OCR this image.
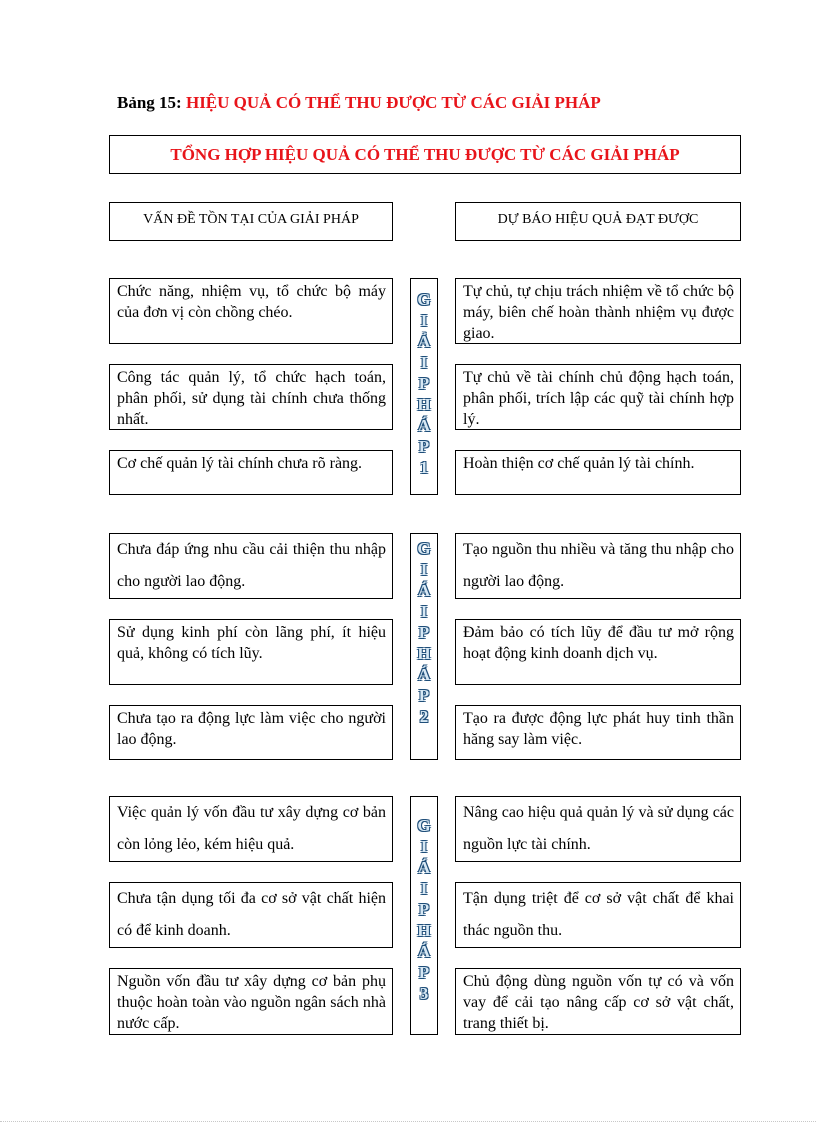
Bảng 15: HIỆU QUẢ CÓ THỂ THU ĐƯỢC TỪ CÁC GIẢI PHÁP
TỔNG HỢP HIỆU QUẢ CÓ THỂ THU ĐƯỢC TỪ CÁC GIẢI PHÁP
VẤN ĐỀ TỒN TẠI CỦA GIẢI PHÁP	DỰ BÁO HIỆU QUẢ ĐẠT ĐƯỢC
G
I
Ả
I
P
H
Á
P
1
Chức năng, nhiệm vụ, tổ chức bộ máy của đơn vị còn chồng chéo.
Tự chủ, tự chịu trách nhiệm về tổ chức bộ máy, biên chế hoàn thành nhiệm vụ được giao.
Công tác quản lý, tổ chức hạch toán, phân phối, sử dụng tài chính chưa thống nhất.
Tự chủ về tài chính chủ động hạch toán, phân phối, trích lập các quỹ tài chính hợp lý.
Cơ chế quản lý tài chính chưa rõ ràng.	Hoàn thiện cơ chế quản lý tài chính.
G
I
Á
I
P
H
Á
P
2
Chưa đáp ứng nhu cầu cải thiện thu nhập cho người lao động.
Tạo nguồn thu nhiều và tăng thu nhập cho người lao động.
Sử dụng kinh phí còn lãng phí, ít hiệu quả, không có tích lũy.
Đảm bảo có tích lũy để đầu tư mở rộng hoạt động kinh doanh dịch vụ.
Chưa tạo ra động lực làm việc cho người lao động.
Tạo ra được động lực phát huy tinh thần hăng say làm việc.
G
I
Á
I
P
H
Á
P
3
Việc quản lý vốn đầu tư xây dựng cơ bản còn lỏng lẻo, kém hiệu quả.
Nâng cao hiệu quả quản lý và sử dụng các nguồn lực tài chính.
Chưa tận dụng tối đa cơ sở vật chất hiện có để kinh doanh.
Tận dụng triệt để cơ sở vật chất để khai thác nguồn thu.
Nguồn vốn đầu tư xây dựng cơ bản phụ thuộc hoàn toàn vào nguồn ngân sách nhà nước cấp.
Chủ động dùng nguồn vốn tự có và vốn vay để cải tạo nâng cấp cơ sở vật chất, trang thiết bị.
